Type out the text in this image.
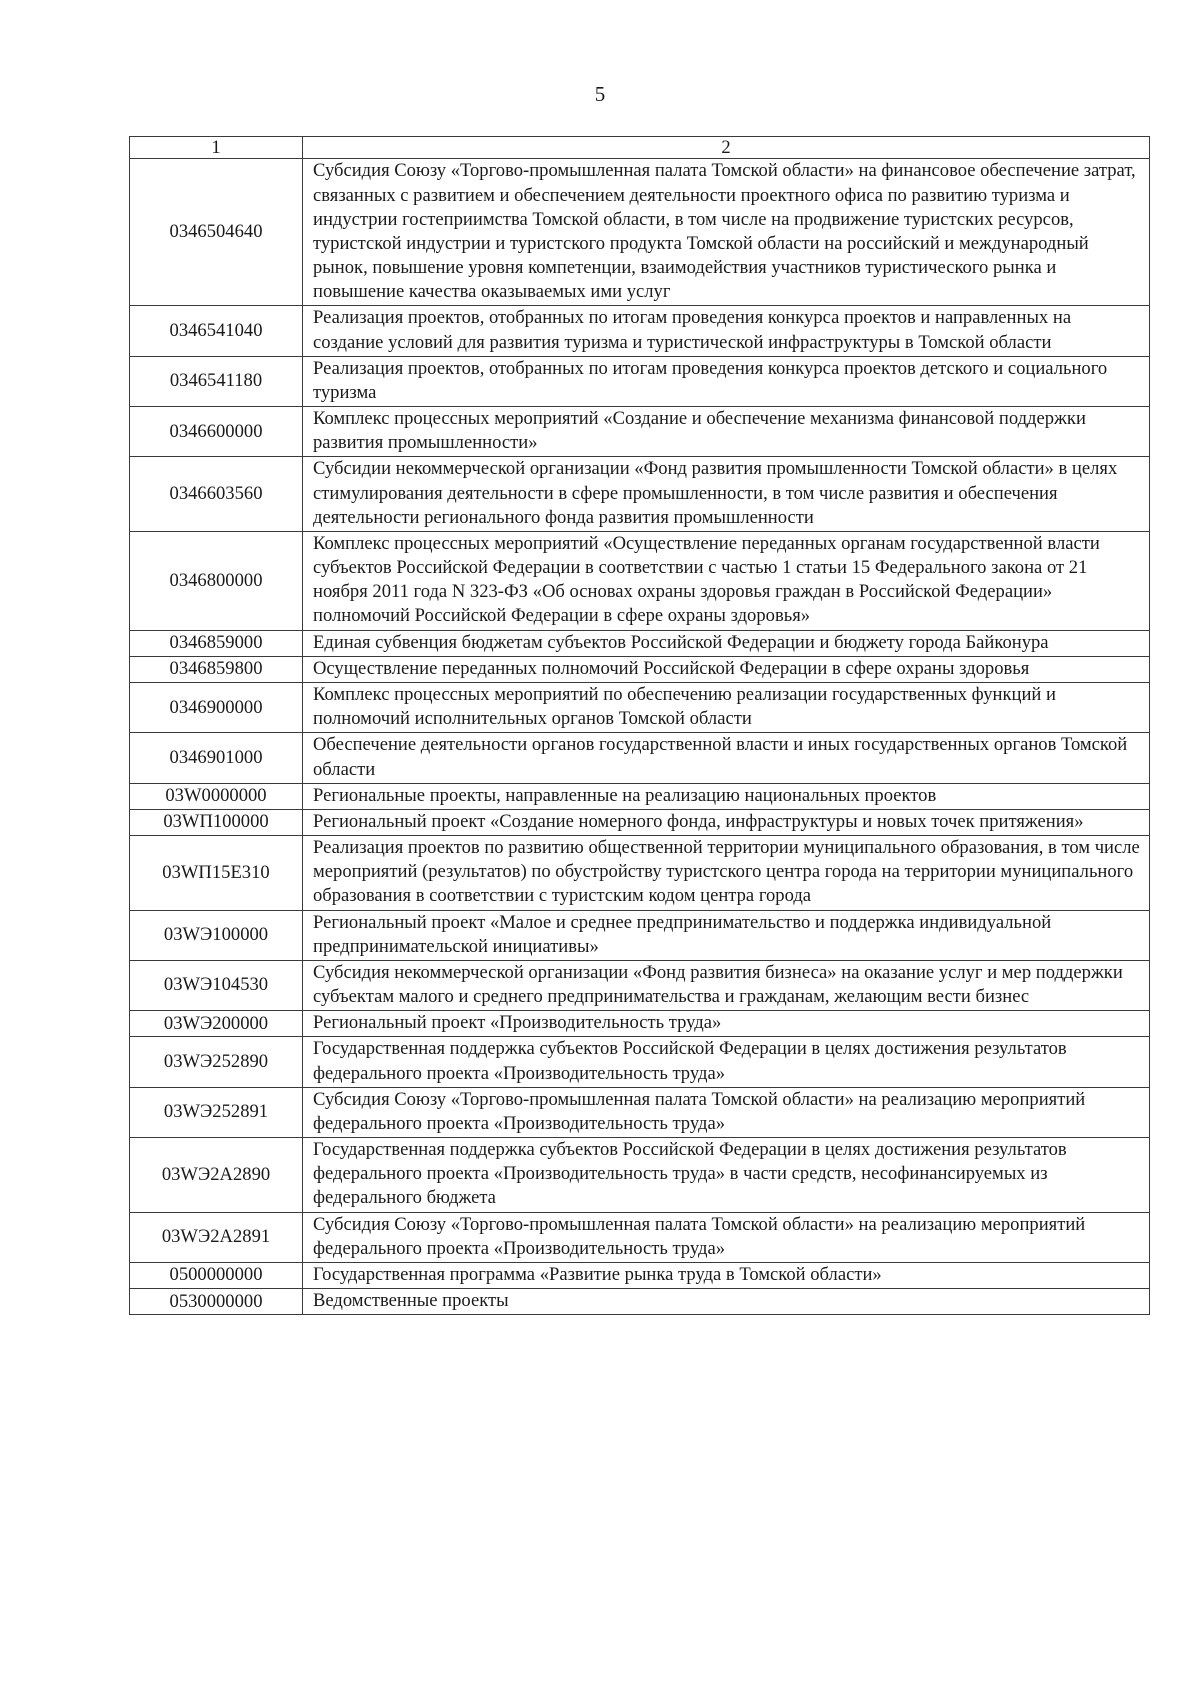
5
1	2
0346504640	Субсидия Союзу «Торгово-промышленная палата Томской области» на финансовое обеспечение затрат, связанных с развитием и обеспечением деятельности проектного офиса по развитию туризма и индустрии гостеприимства Томской области, в том числе на продвижение туристских ресурсов, туристской индустрии и туристского продукта Томской области на российский и международный рынок, повышение уровня компетенции, взаимодействия участников туристического рынка и повышение качества оказываемых ими услуг
0346541040	Реализация проектов, отобранных по итогам проведения конкурса проектов и направленных на создание условий для развития туризма и туристической инфраструктуры в Томской области
0346541180	Реализация проектов, отобранных по итогам проведения конкурса проектов детского и социального туризма
0346600000	Комплекс процессных мероприятий «Создание и обеспечение механизма финансовой поддержки развития промышленности»
0346603560	Субсидии некоммерческой организации «Фонд развития промышленности Томской области» в целях стимулирования деятельности в сфере промышленности, в том числе развития и обеспечения деятельности регионального фонда развития промышленности
0346800000	Комплекс процессных мероприятий «Осуществление переданных органам государственной власти субъектов Российской Федерации в соответствии с частью 1 статьи 15 Федерального закона от 21 ноября 2011 года N 323-ФЗ «Об основах охраны здоровья граждан в Российской Федерации» полномочий Российской Федерации в сфере охраны здоровья»
0346859000	Единая субвенция бюджетам субъектов Российской Федерации и бюджету города Байконура
0346859800	Осуществление переданных полномочий Российской Федерации в сфере охраны здоровья
0346900000	Комплекс процессных мероприятий по обеспечению реализации государственных функций и полномочий исполнительных органов Томской области
0346901000	Обеспечение деятельности органов государственной власти и иных государственных органов Томской области
03W0000000	Региональные проекты, направленные на реализацию национальных проектов
03WП100000	Региональный проект «Создание номерного фонда, инфраструктуры и новых точек притяжения»
03WП15Е310	Реализация проектов по развитию общественной территории муниципального образования, в том числе мероприятий (результатов) по обустройству туристского центра города на территории муниципального образования в соответствии с туристским кодом центра города
03WЭ100000	Региональный проект «Малое и среднее предпринимательство и поддержка индивидуальной предпринимательской инициативы»
03WЭ104530	Субсидия некоммерческой организации «Фонд развития бизнеса» на оказание услуг и мер поддержки субъектам малого и среднего предпринимательства и гражданам, желающим вести бизнес
03WЭ200000	Региональный проект «Производительность труда»
03WЭ252890	Государственная поддержка субъектов Российской Федерации в целях достижения результатов федерального проекта «Производительность труда»
03WЭ252891	Субсидия Союзу «Торгово-промышленная палата Томской области» на реализацию мероприятий федерального проекта «Производительность труда»
03WЭ2А2890	Государственная поддержка субъектов Российской Федерации в целях достижения результатов федерального проекта «Производительность труда» в части средств, несофинансируемых из федерального бюджета
03WЭ2А2891	Субсидия Союзу «Торгово-промышленная палата Томской области» на реализацию мероприятий федерального проекта «Производительность труда»
0500000000	Государственная программа «Развитие рынка труда в Томской области»
0530000000	Ведомственные проекты
